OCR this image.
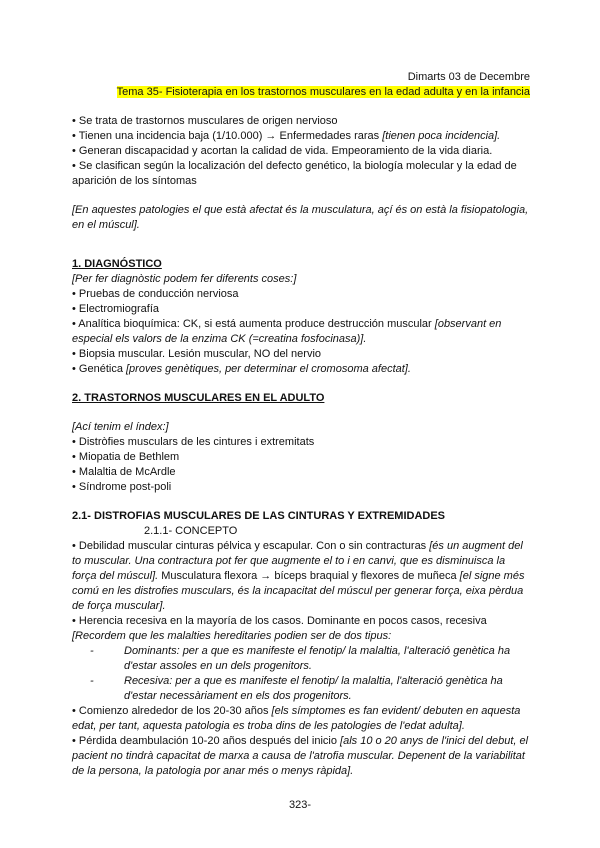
Dimarts 03 de Decembre

Tema 35- Fisioterapia en los trastornos musculares en la edad adulta y en la infancia

• Se trata de trastornos musculares de origen nervioso

• Tienen una incidencia baja (1/10.000) → Enfermedades raras [tienen poca incidencia].

• Generan discapacidad y acortan la calidad de vida. Empeoramiento de la vida diaria.

• Se clasifican según la localización del defecto genético, la biología molecular y la edad de aparición de los síntomas

[En aquestes patologies el que està afectat és la musculatura, açí és on està la fisiopatologia, en el múscul].

1. DIAGNÓSTICO

[Per fer diagnòstic podem fer diferents coses:]

• Pruebas de conducción nerviosa

• Electromiografía

• Analítica bioquímica: CK, si está aumenta produce destrucción muscular [observant en especial els valors de la enzima CK (=creatina fosfocinasa)].

• Biopsia muscular. Lesión muscular, NO del nervio

• Genética [proves genètiques, per determinar el cromosoma afectat].

2. TRASTORNOS MUSCULARES EN EL ADULTO

[Ací tenim el índex:]

• Distròfies musculars de les cintures i extremitats

• Miopatia de Bethlem

• Malaltia de McArdle

• Síndrome post-poli

2.1- DISTROFIAS MUSCULARES DE LAS CINTURAS Y EXTREMIDADES

2.1.1- CONCEPTO

• Debilidad muscular cinturas pélvica y escapular. Con o sin contracturas [és un augment del to muscular. Una contractura pot fer que augmente el to i en canvi, que es disminuisca la força del múscul]. Musculatura flexora → bíceps braquial y flexores de muñeca [el signe més comú en les distrofies musculars, és la incapacitat del múscul per generar força, eixa pèrdua de força muscular].

• Herencia recesiva en la mayoría de los casos. Dominante en pocos casos, recesiva

[Recordem que les malalties hereditaries podien ser de dos tipus:

-	Dominants: per a que es manifeste el fenotip/ la malaltia, l'alteració genètica ha d'estar assoles en un dels progenitors.
-	Recesiva: per a que es manifeste el fenotip/ la malaltia, l'alteració genètica ha d'estar necessàriament en els dos progenitors.

• Comienzo alrededor de los 20-30 años [els símptomes es fan evident/ debuten en aquesta edat, per tant, aquesta patologia es troba dins de les patologies de l'edat adulta].

• Pérdida deambulación 10-20 años después del inicio [als 10 o 20 anys de l'inici del debut, el pacient no tindrà capacitat de marxa a causa de l'atrofia muscular. Depenent de la variabilitat de la persona, la patologia por anar més o menys ràpida].

323-
